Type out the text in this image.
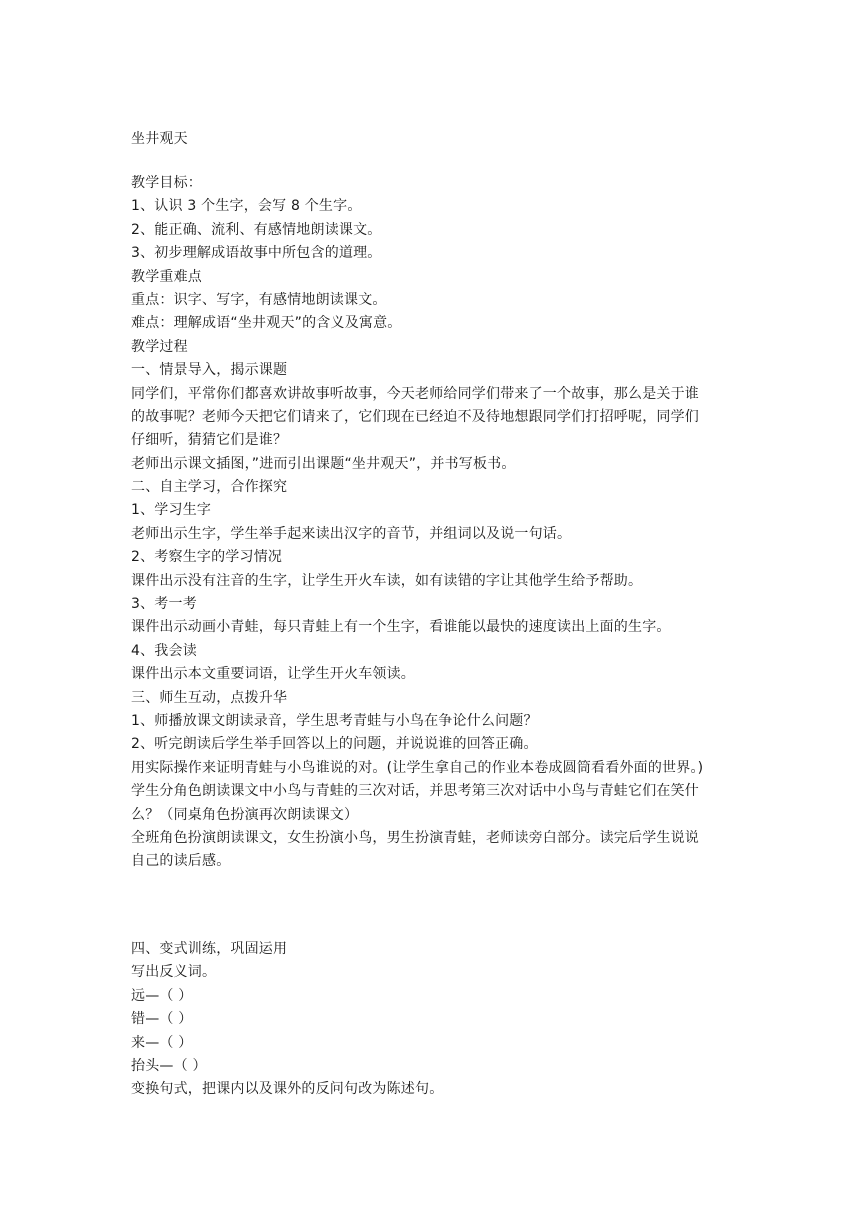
坐井观天
教学目标：
1、认识 3 个生字，会写 8 个生字。
2、能正确、流利、有感情地朗读课文。
3、初步理解成语故事中所包含的道理。
教学重难点
重点：识字、写字，有感情地朗读课文。
难点：理解成语“坐井观天”的含义及寓意。
教学过程
一、情景导入，揭示课题
同学们，平常你们都喜欢讲故事听故事，今天老师给同学们带来了一个故事，那么是关于谁
的故事呢？老师今天把它们请来了，它们现在已经迫不及待地想跟同学们打招呼呢，同学们
仔细听，猜猜它们是谁？
老师出示课文插图，”进而引出课题“坐井观天”，并书写板书。
二、自主学习，合作探究
1、学习生字
老师出示生字，学生举手起来读出汉字的音节，并组词以及说一句话。
2、考察生字的学习情况
课件出示没有注音的生字，让学生开火车读，如有读错的字让其他学生给予帮助。
3、考一考
课件出示动画小青蛙，每只青蛙上有一个生字，看谁能以最快的速度读出上面的生字。
4、我会读
课件出示本文重要词语，让学生开火车领读。
三、师生互动，点拨升华
1、师播放课文朗读录音，学生思考青蛙与小鸟在争论什么问题？
2、听完朗读后学生举手回答以上的问题，并说说谁的回答正确。
用实际操作来证明青蛙与小鸟谁说的对。(让学生拿自己的作业本卷成圆筒看看外面的世界。)
学生分角色朗读课文中小鸟与青蛙的三次对话，并思考第三次对话中小鸟与青蛙它们在笑什
么？（同桌角色扮演再次朗读课文）
全班角色扮演朗读课文，女生扮演小鸟，男生扮演青蛙，老师读旁白部分。读完后学生说说
自己的读后感。
四、变式训练，巩固运用
写出反义词。
远—（ ）
错—（ ）
来—（ ）
抬头—（ ）
变换句式，把课内以及课外的反问句改为陈述句。
